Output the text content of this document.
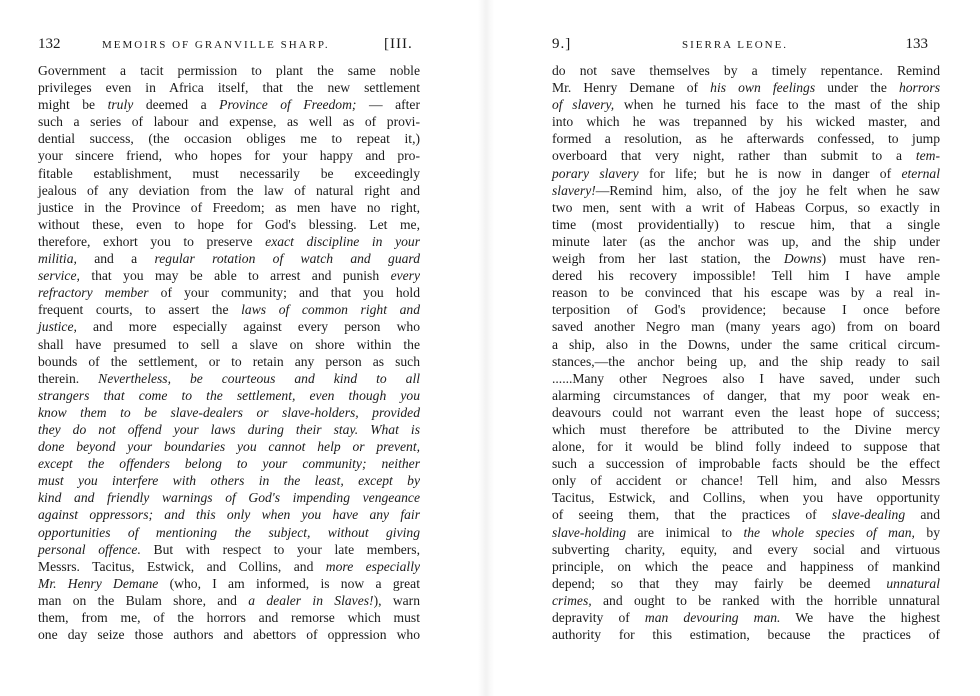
132	MEMOIRS OF GRANVILLE SHARP.	[III.
Government a tacit permission to plant the same noble
privileges even in Africa itself, that the new settlement
might be truly deemed a Province of Freedom; — after
such a series of labour and expense, as well as of provi-
dential success, (the occasion obliges me to repeat it,)
your sincere friend, who hopes for your happy and pro-
fitable establishment, must necessarily be exceedingly
jealous of any deviation from the law of natural right and
justice in the Province of Freedom; as men have no right,
without these, even to hope for God's blessing. Let me,
therefore, exhort you to preserve exact discipline in your
militia, and a regular rotation of watch and guard
service, that you may be able to arrest and punish every
refractory member of your community; and that you hold
frequent courts, to assert the laws of common right and
justice, and more especially against every person who
shall have presumed to sell a slave on shore within the
bounds of the settlement, or to retain any person as such
therein. Nevertheless, be courteous and kind to all
strangers that come to the settlement, even though you
know them to be slave-dealers or slave-holders, provided
they do not offend your laws during their stay. What is
done beyond your boundaries you cannot help or prevent,
except the offenders belong to your community; neither
must you interfere with others in the least, except by
kind and friendly warnings of God's impending vengeance
against oppressors; and this only when you have any fair
opportunities of mentioning the subject, without giving
personal offence. But with respect to your late members,
Messrs. Tacitus, Estwick, and Collins, and more especially
Mr. Henry Demane (who, I am informed, is now a great
man on the Bulam shore, and a dealer in Slaves!), warn
them, from me, of the horrors and remorse which must
one day seize those authors and abettors of oppression who
9.]	SIERRA LEONE.	133
do not save themselves by a timely repentance. Remind
Mr. Henry Demane of his own feelings under the horrors
of slavery, when he turned his face to the mast of the ship
into which he was trepanned by his wicked master, and
formed a resolution, as he afterwards confessed, to jump
overboard that very night, rather than submit to a tem-
porary slavery for life; but he is now in danger of eternal
slavery!—Remind him, also, of the joy he felt when he saw
two men, sent with a writ of Habeas Corpus, so exactly in
time (most providentially) to rescue him, that a single
minute later (as the anchor was up, and the ship under
weigh from her last station, the Downs) must have ren-
dered his recovery impossible! Tell him I have ample
reason to be convinced that his escape was by a real in-
terposition of God's providence; because I once before
saved another Negro man (many years ago) from on board
a ship, also in the Downs, under the same critical circum-
stances,—the anchor being up, and the ship ready to sail
......Many other Negroes also I have saved, under such
alarming circumstances of danger, that my poor weak en-
deavours could not warrant even the least hope of success;
which must therefore be attributed to the Divine mercy
alone, for it would be blind folly indeed to suppose that
such a succession of improbable facts should be the effect
only of accident or chance! Tell him, and also Messrs
Tacitus, Estwick, and Collins, when you have opportunity
of seeing them, that the practices of slave-dealing and
slave-holding are inimical to the whole species of man, by
subverting charity, equity, and every social and virtuous
principle, on which the peace and happiness of mankind
depend; so that they may fairly be deemed unnatural
crimes, and ought to be ranked with the horrible unnatural
depravity of man devouring man. We have the highest
authority for this estimation, because the practices of
